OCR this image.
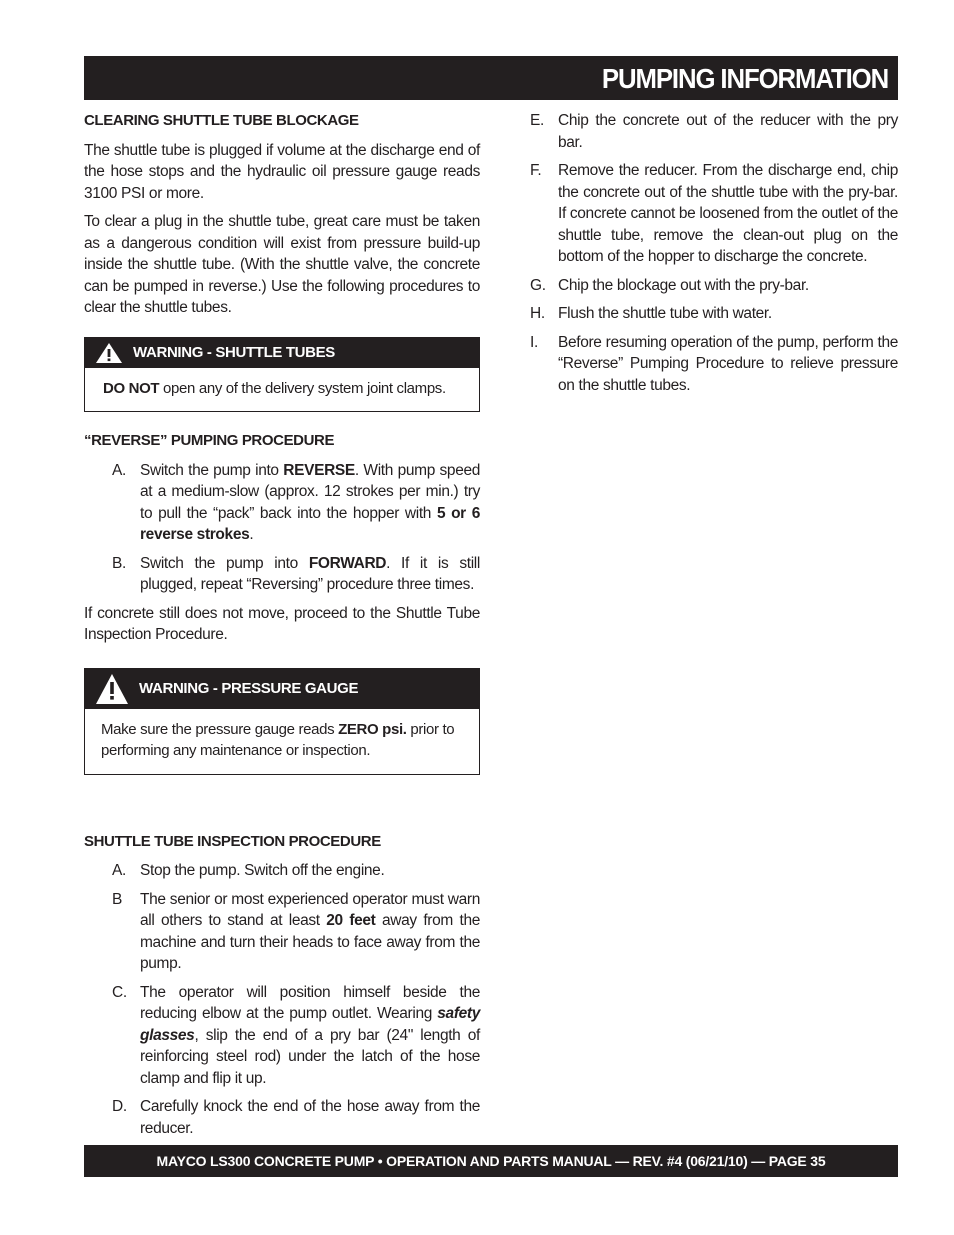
PUMPING INFORMATION
CLEARING SHUTTLE TUBE BLOCKAGE

The shuttle tube is plugged if volume at the discharge end of the hose stops and the hydraulic oil pressure gauge reads 3100 PSI or more.

To clear a plug in the shuttle tube, great care must be taken as a dangerous condition will exist from pressure build-up inside the shuttle tube. (With the shuttle valve, the concrete can be pumped in reverse.) Use the following procedures to clear the shuttle tubes.

WARNING - SHUTTLE TUBES
DO NOT open any of the delivery system joint clamps.
“REVERSE” PUMPING PROCEDURE
A. Switch the pump into REVERSE. With pump speed at a medium-slow (approx. 12 strokes per min.) try to pull the “pack” back into the hopper with 5 or 6 reverse strokes.
B. Switch the pump into FORWARD. If it is still plugged, repeat “Reversing” procedure three times.

If concrete still does not move, proceed to the Shuttle Tube Inspection Procedure.

WARNING - PRESSURE GAUGE
Make sure the pressure gauge reads ZERO psi. prior to performing any maintenance or inspection.
SHUTTLE TUBE INSPECTION PROCEDURE
A. Stop the pump. Switch off the engine.
B	The senior or most experienced operator must warn all others to stand at least 20 feet away from the machine and turn their heads to face away from the pump.
C. The operator will position himself beside the reducing elbow at the pump outlet. Wearing safety glasses, slip the end of a pry bar (24" length of reinforcing steel rod) under the latch of the hose clamp and flip it up.
D. Carefully knock the end of the hose away from the reducer.
E. Chip the concrete out of the reducer with the pry bar.
F.	Remove the reducer. From the discharge end, chip the concrete out of the shuttle tube with the pry-bar. If concrete cannot be loosened from the outlet of the shuttle tube, remove the clean-out plug on the bottom of the hopper to discharge the concrete.
G. Chip the blockage out with the pry-bar.
H. Flush the shuttle tube with water.
I.	Before resuming operation of the pump, perform the “Reverse” Pumping Procedure to relieve pressure on the shuttle tubes.
MAYCO LS300 CONCRETE PUMP • OPERATION AND PARTS MANUAL — REV. #4 (06/21/10) — PAGE 35
